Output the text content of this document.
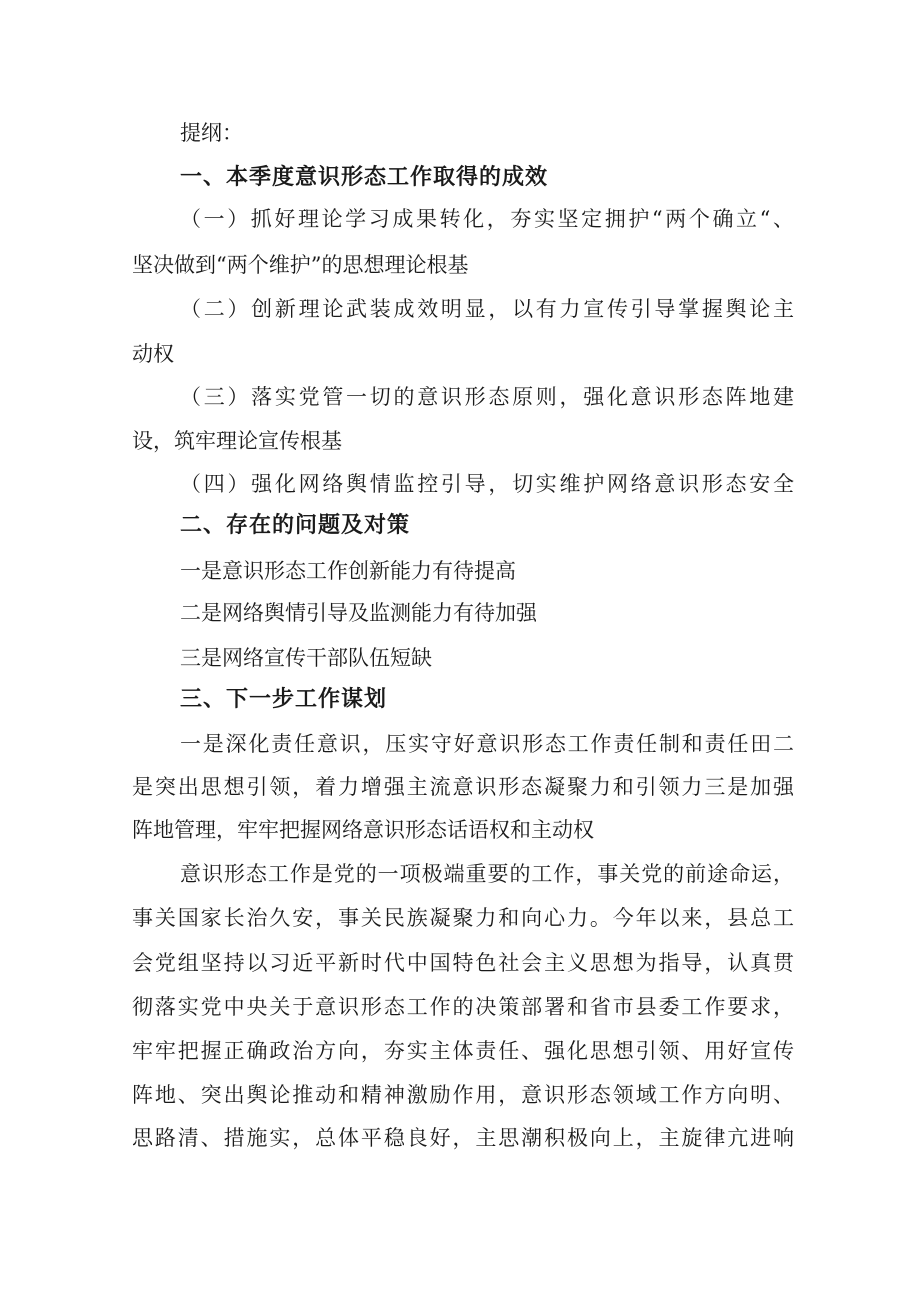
提纲：
一、本季度意识形态工作取得的成效
（一）抓好理论学习成果转化，夯实坚定拥护“两个确立“、
坚决做到“两个维护”的思想理论根基
（二）创新理论武装成效明显，以有力宣传引导掌握舆论主
动权
（三）落实党管一切的意识形态原则，强化意识形态阵地建
设，筑牢理论宣传根基
（四）强化网络舆情监控引导，切实维护网络意识形态安全
二、存在的问题及对策
一是意识形态工作创新能力有待提高
二是网络舆情引导及监测能力有待加强
三是网络宣传干部队伍短缺
三、下一步工作谋划
一是深化责任意识，压实守好意识形态工作责任制和责任田二
是突出思想引领，着力增强主流意识形态凝聚力和引领力三是加强
阵地管理，牢牢把握网络意识形态话语权和主动权
意识形态工作是党的一项极端重要的工作，事关党的前途命运，
事关国家长治久安，事关民族凝聚力和向心力。今年以来，县总工
会党组坚持以习近平新时代中国特色社会主义思想为指导，认真贯
彻落实党中央关于意识形态工作的决策部署和省市县委工作要求，
牢牢把握正确政治方向，夯实主体责任、强化思想引领、用好宣传
阵地、突出舆论推动和精神激励作用，意识形态领域工作方向明、
思路清、措施实，总体平稳良好，主思潮积极向上，主旋律亢进响
